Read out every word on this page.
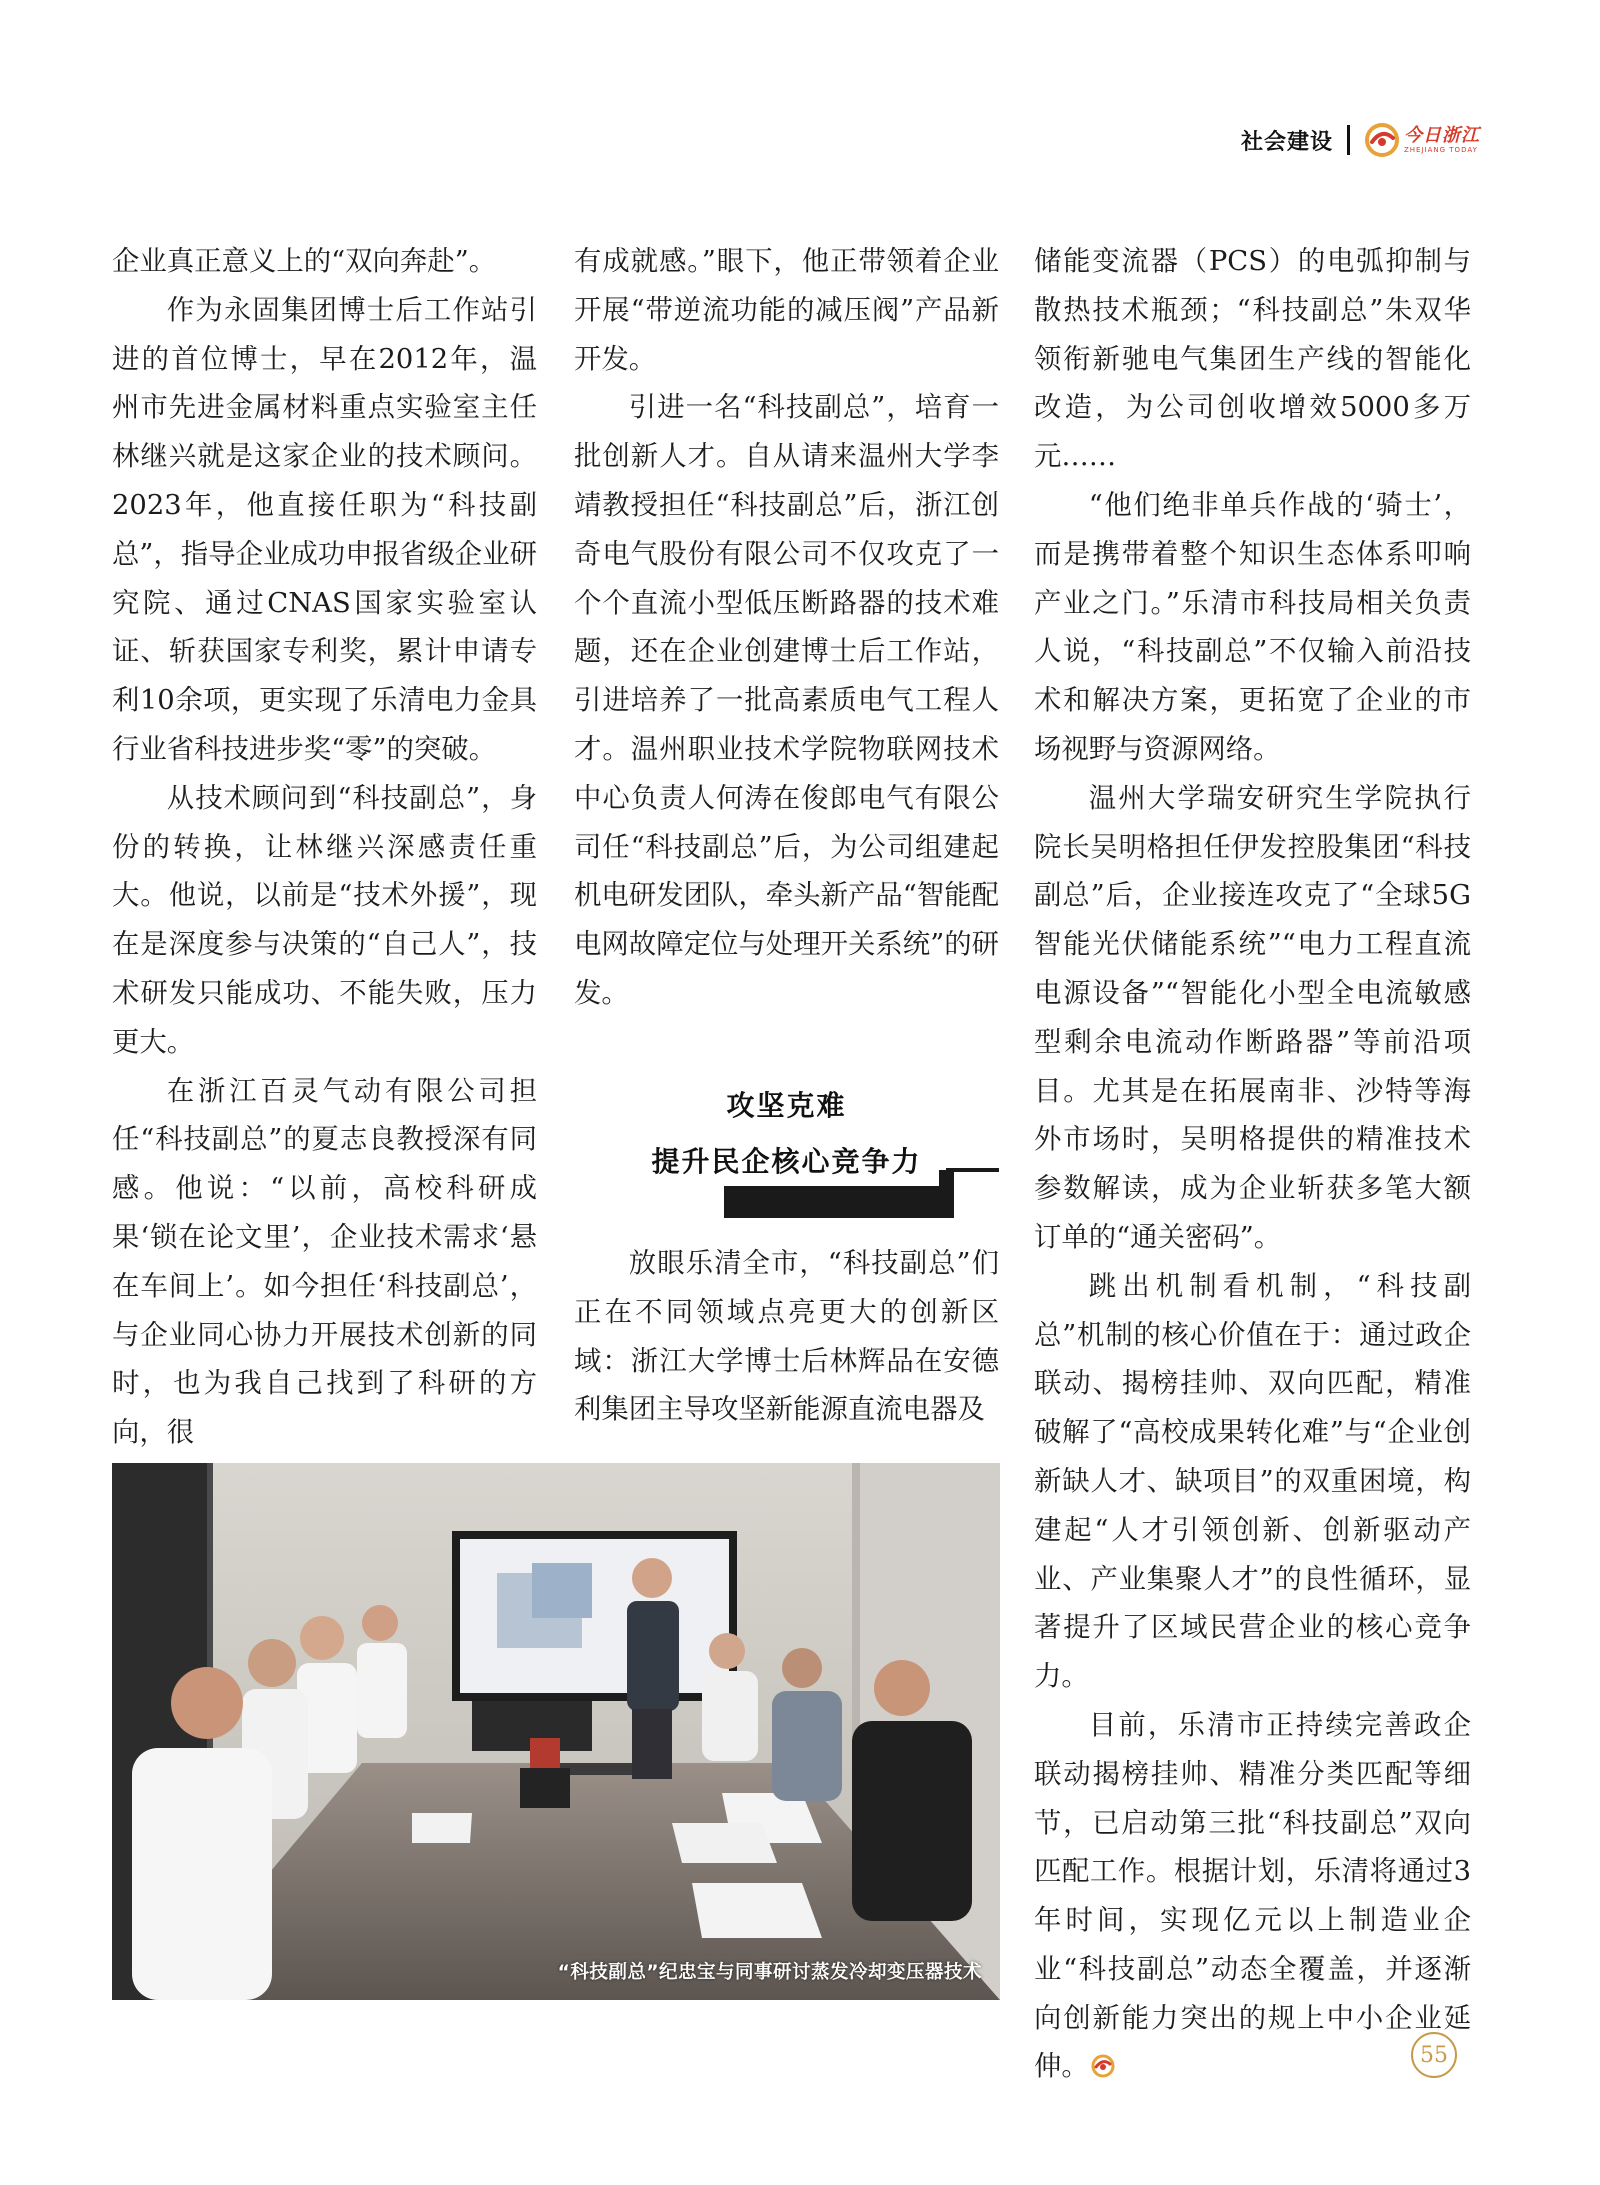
社会建设	今日浙江
ZHEJIANG TODAY

企业真正意义上的“双向奔赴”。

作为永固集团博士后工作站引进的首位博士，早在2012年，温州市先进金属材料重点实验室主任林继兴就是这家企业的技术顾问。2023年，他直接任职为“科技副总”，指导企业成功申报省级企业研究院、通过CNAS国家实验室认证、斩获国家专利奖，累计申请专利10余项，更实现了乐清电力金具行业省科技进步奖“零”的突破。

从技术顾问到“科技副总”，身份的转换，让林继兴深感责任重大。他说，以前是“技术外援”，现在是深度参与决策的“自己人”，技术研发只能成功、不能失败，压力更大。

在浙江百灵气动有限公司担任“科技副总”的夏志良教授深有同感。他说：“以前，高校科研成果‘锁在论文里’，企业技术需求‘悬在车间上’。如今担任‘科技副总’，与企业同心协力开展技术创新的同时，也为我自己找到了科研的方向，很

有成就感。”眼下，他正带领着企业开展“带逆流功能的减压阀”产品新开发。

引进一名“科技副总”，培育一批创新人才。自从请来温州大学李靖教授担任“科技副总”后，浙江创奇电气股份有限公司不仅攻克了一个个直流小型低压断路器的技术难题，还在企业创建博士后工作站，引进培养了一批高素质电气工程人才。温州职业技术学院物联网技术中心负责人何涛在俊郎电气有限公司任“科技副总”后，为公司组建起机电研发团队，牵头新产品“智能配电网故障定位与处理开关系统”的研发。

攻坚克难
提升民企核心竞争力

放眼乐清全市，“科技副总”们正在不同领域点亮更大的创新区域：浙江大学博士后林辉品在安德利集团主导攻坚新能源直流电器及

储能变流器（PCS）的电弧抑制与散热技术瓶颈；“科技副总”朱双华领衔新驰电气集团生产线的智能化改造，为公司创收增效5000多万元……

“他们绝非单兵作战的‘骑士’，而是携带着整个知识生态体系叩响产业之门。”乐清市科技局相关负责人说，“科技副总”不仅输入前沿技术和解决方案，更拓宽了企业的市场视野与资源网络。

温州大学瑞安研究生学院执行院长吴明格担任伊发控股集团“科技副总”后，企业接连攻克了“全球5G智能光伏储能系统”“电力工程直流电源设备”“智能化小型全电流敏感型剩余电流动作断路器”等前沿项目。尤其是在拓展南非、沙特等海外市场时，吴明格提供的精准技术参数解读，成为企业斩获多笔大额订单的“通关密码”。

跳出机制看机制，“科技副总”机制的核心价值在于：通过政企联动、揭榜挂帅、双向匹配，精准破解了“高校成果转化难”与“企业创新缺人才、缺项目”的双重困境，构建起“人才引领创新、创新驱动产业、产业集聚人才”的良性循环，显著提升了区域民营企业的核心竞争力。

目前，乐清市正持续完善政企联动揭榜挂帅、精准分类匹配等细节，已启动第三批“科技副总”双向匹配工作。根据计划，乐清将通过3年时间，实现亿元以上制造业企业“科技副总”动态全覆盖，并逐渐向创新能力突出的规上中小企业延伸。

“科技副总”纪忠宝与同事研讨蒸发冷却变压器技术
55
